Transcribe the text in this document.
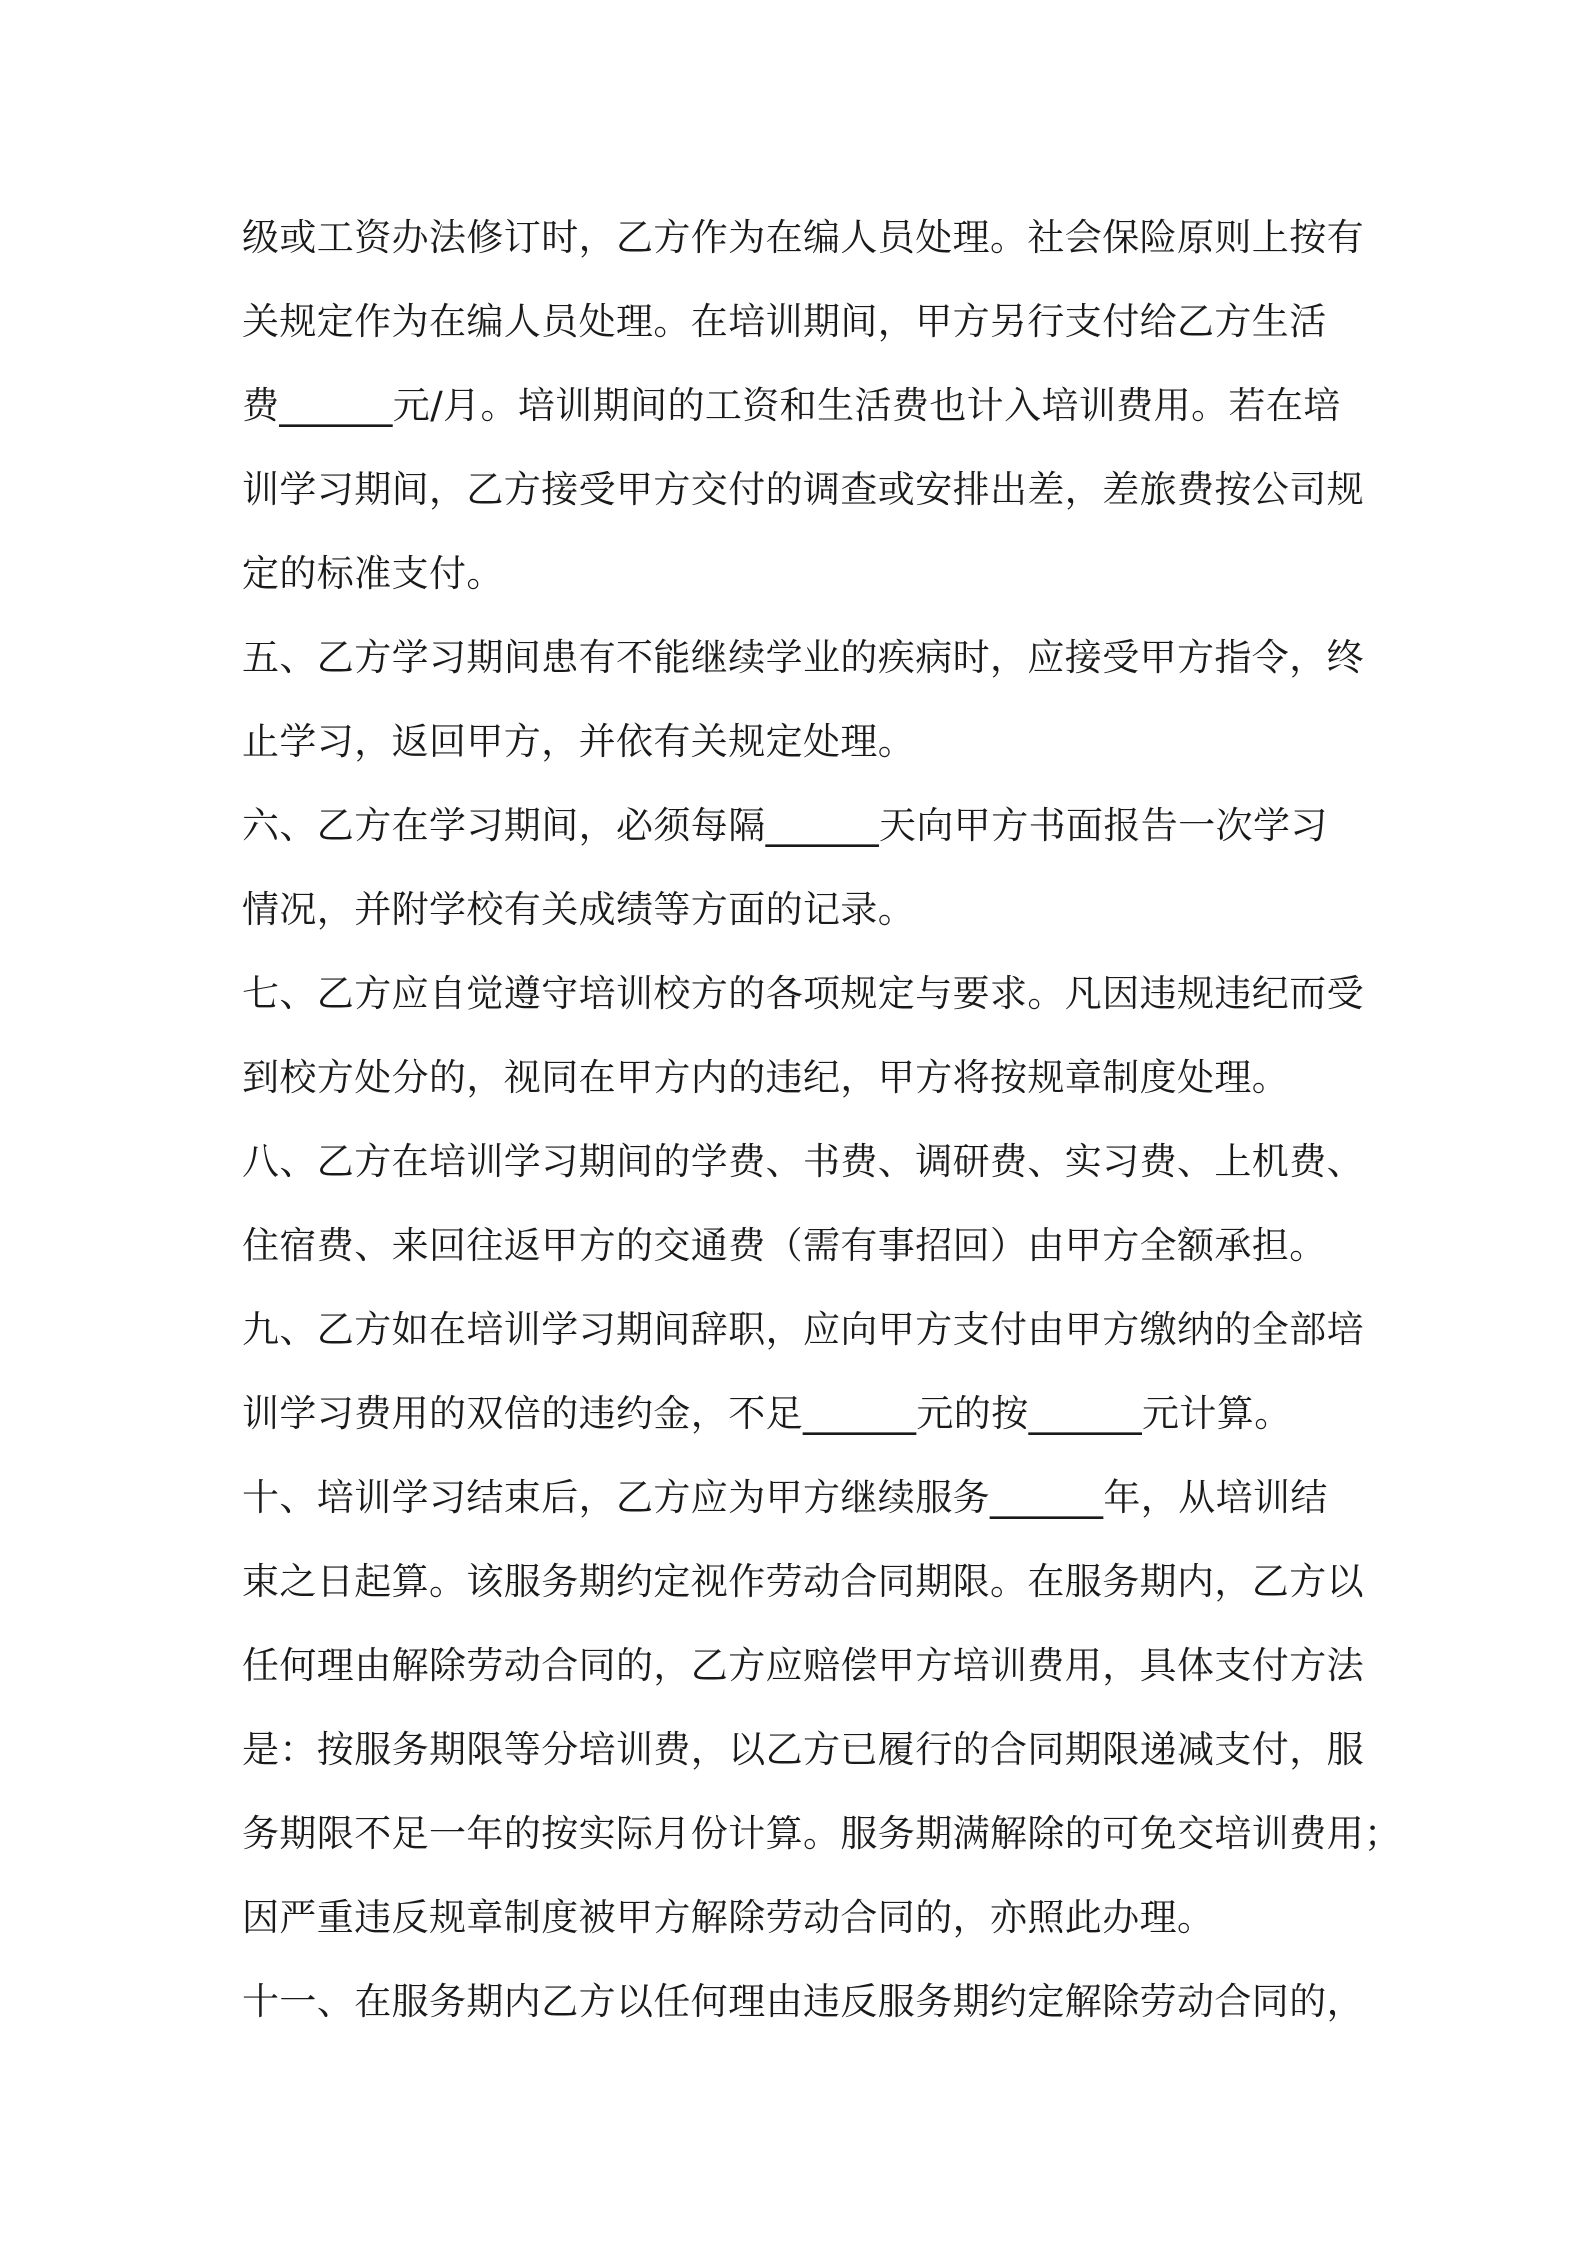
级或工资办法修订时，乙方作为在编人员处理。社会保险原则上按有
关规定作为在编人员处理。在培训期间，甲方另行支付给乙方生活
费______元/月。培训期间的工资和生活费也计入培训费用。若在培
训学习期间，乙方接受甲方交付的调查或安排出差，差旅费按公司规
定的标准支付。

五、乙方学习期间患有不能继续学业的疾病时，应接受甲方指令，终
止学习，返回甲方，并依有关规定处理。

六、乙方在学习期间，必须每隔______天向甲方书面报告一次学习
情况，并附学校有关成绩等方面的记录。

七、乙方应自觉遵守培训校方的各项规定与要求。凡因违规违纪而受
到校方处分的，视同在甲方内的违纪，甲方将按规章制度处理。

八、乙方在培训学习期间的学费、书费、调研费、实习费、上机费、
住宿费、来回往返甲方的交通费（需有事招回）由甲方全额承担。

九、乙方如在培训学习期间辞职，应向甲方支付由甲方缴纳的全部培
训学习费用的双倍的违约金，不足______元的按______元计算。

十、培训学习结束后，乙方应为甲方继续服务______年，从培训结
束之日起算。该服务期约定视作劳动合同期限。在服务期内，乙方以
任何理由解除劳动合同的，乙方应赔偿甲方培训费用，具体支付方法
是：按服务期限等分培训费，以乙方已履行的合同期限递减支付，服
务期限不足一年的按实际月份计算。服务期满解除的可免交培训费用；
因严重违反规章制度被甲方解除劳动合同的，亦照此办理。

十一、在服务期内乙方以任何理由违反服务期约定解除劳动合同的，
